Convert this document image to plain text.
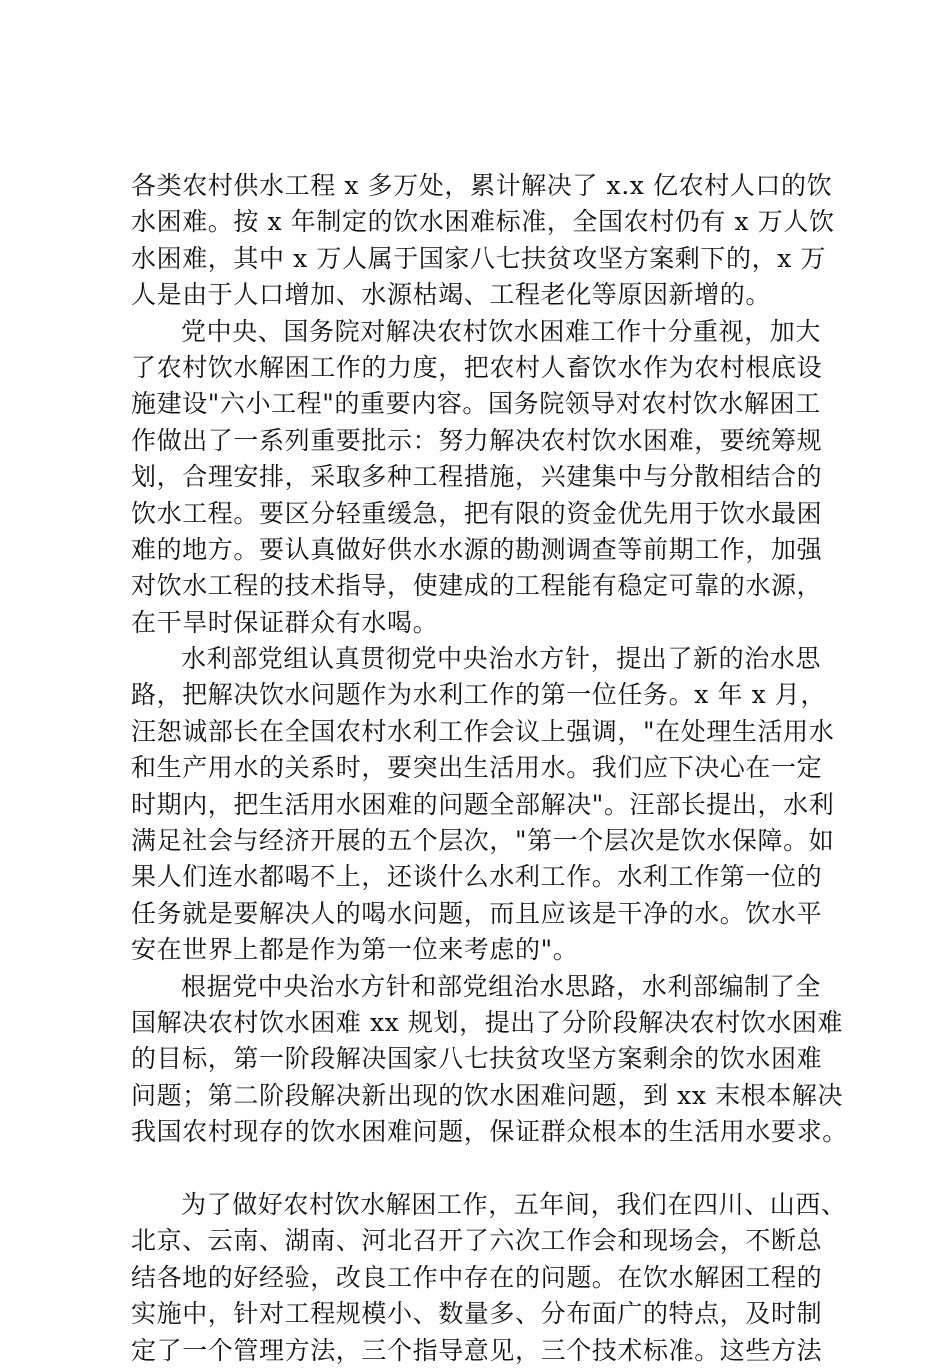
各类农村供水工程 x 多万处，累计解决了 x.x 亿农村人口的饮
水困难。按 x 年制定的饮水困难标准，全国农村仍有 x 万人饮
水困难，其中 x 万人属于国家八七扶贫攻坚方案剩下的，x 万
人是由于人口增加、水源枯竭、工程老化等原因新增的。
党中央、国务院对解决农村饮水困难工作十分重视，加大
了农村饮水解困工作的力度，把农村人畜饮水作为农村根底设
施建设"六小工程"的重要内容。国务院领导对农村饮水解困工
作做出了一系列重要批示：努力解决农村饮水困难，要统筹规
划，合理安排，采取多种工程措施，兴建集中与分散相结合的
饮水工程。要区分轻重缓急，把有限的资金优先用于饮水最困
难的地方。要认真做好供水水源的勘测调查等前期工作，加强
对饮水工程的技术指导，使建成的工程能有稳定可靠的水源，
在干旱时保证群众有水喝。
水利部党组认真贯彻党中央治水方针，提出了新的治水思
路，把解决饮水问题作为水利工作的第一位任务。x 年 x 月，
汪恕诚部长在全国农村水利工作会议上强调，"在处理生活用水
和生产用水的关系时，要突出生活用水。我们应下决心在一定
时期内，把生活用水困难的问题全部解决"。汪部长提出，水利
满足社会与经济开展的五个层次，"第一个层次是饮水保障。如
果人们连水都喝不上，还谈什么水利工作。水利工作第一位的
任务就是要解决人的喝水问题，而且应该是干净的水。饮水平
安在世界上都是作为第一位来考虑的"。
根据党中央治水方针和部党组治水思路，水利部编制了全
国解决农村饮水困难 xx 规划，提出了分阶段解决农村饮水困难
的目标，第一阶段解决国家八七扶贫攻坚方案剩余的饮水困难
问题；第二阶段解决新出现的饮水困难问题，到 xx 末根本解决
我国农村现存的饮水困难问题，保证群众根本的生活用水要求。
为了做好农村饮水解困工作，五年间，我们在四川、山西、
北京、云南、湖南、河北召开了六次工作会和现场会，不断总
结各地的好经验，改良工作中存在的问题。在饮水解困工程的
实施中，针对工程规模小、数量多、分布面广的特点，及时制
定了一个管理方法，三个指导意见，三个技术标准。这些方法
